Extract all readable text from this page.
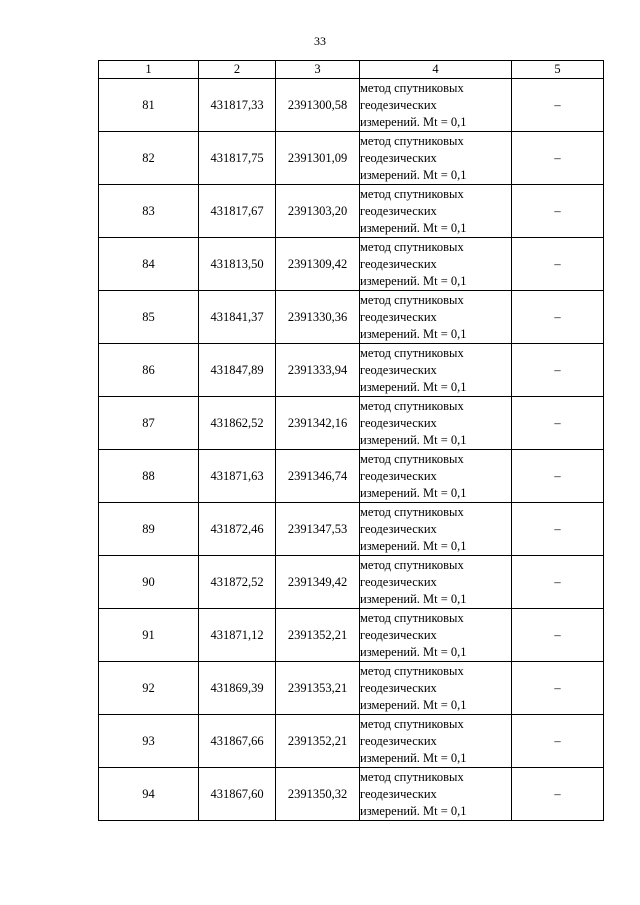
33
1	2	3	4	5
81	431817,33	2391300,58	метод спутниковых
геодезических
измерений. Mt = 0,1	–
82	431817,75	2391301,09	метод спутниковых
геодезических
измерений. Mt = 0,1	–
83	431817,67	2391303,20	метод спутниковых
геодезических
измерений. Mt = 0,1	–
84	431813,50	2391309,42	метод спутниковых
геодезических
измерений. Mt = 0,1	–
85	431841,37	2391330,36	метод спутниковых
геодезических
измерений. Mt = 0,1	–
86	431847,89	2391333,94	метод спутниковых
геодезических
измерений. Mt = 0,1	–
87	431862,52	2391342,16	метод спутниковых
геодезических
измерений. Mt = 0,1	–
88	431871,63	2391346,74	метод спутниковых
геодезических
измерений. Mt = 0,1	–
89	431872,46	2391347,53	метод спутниковых
геодезических
измерений. Mt = 0,1	–
90	431872,52	2391349,42	метод спутниковых
геодезических
измерений. Mt = 0,1	–
91	431871,12	2391352,21	метод спутниковых
геодезических
измерений. Mt = 0,1	–
92	431869,39	2391353,21	метод спутниковых
геодезических
измерений. Mt = 0,1	–
93	431867,66	2391352,21	метод спутниковых
геодезических
измерений. Mt = 0,1	–
94	431867,60	2391350,32	метод спутниковых
геодезических
измерений. Mt = 0,1	–
